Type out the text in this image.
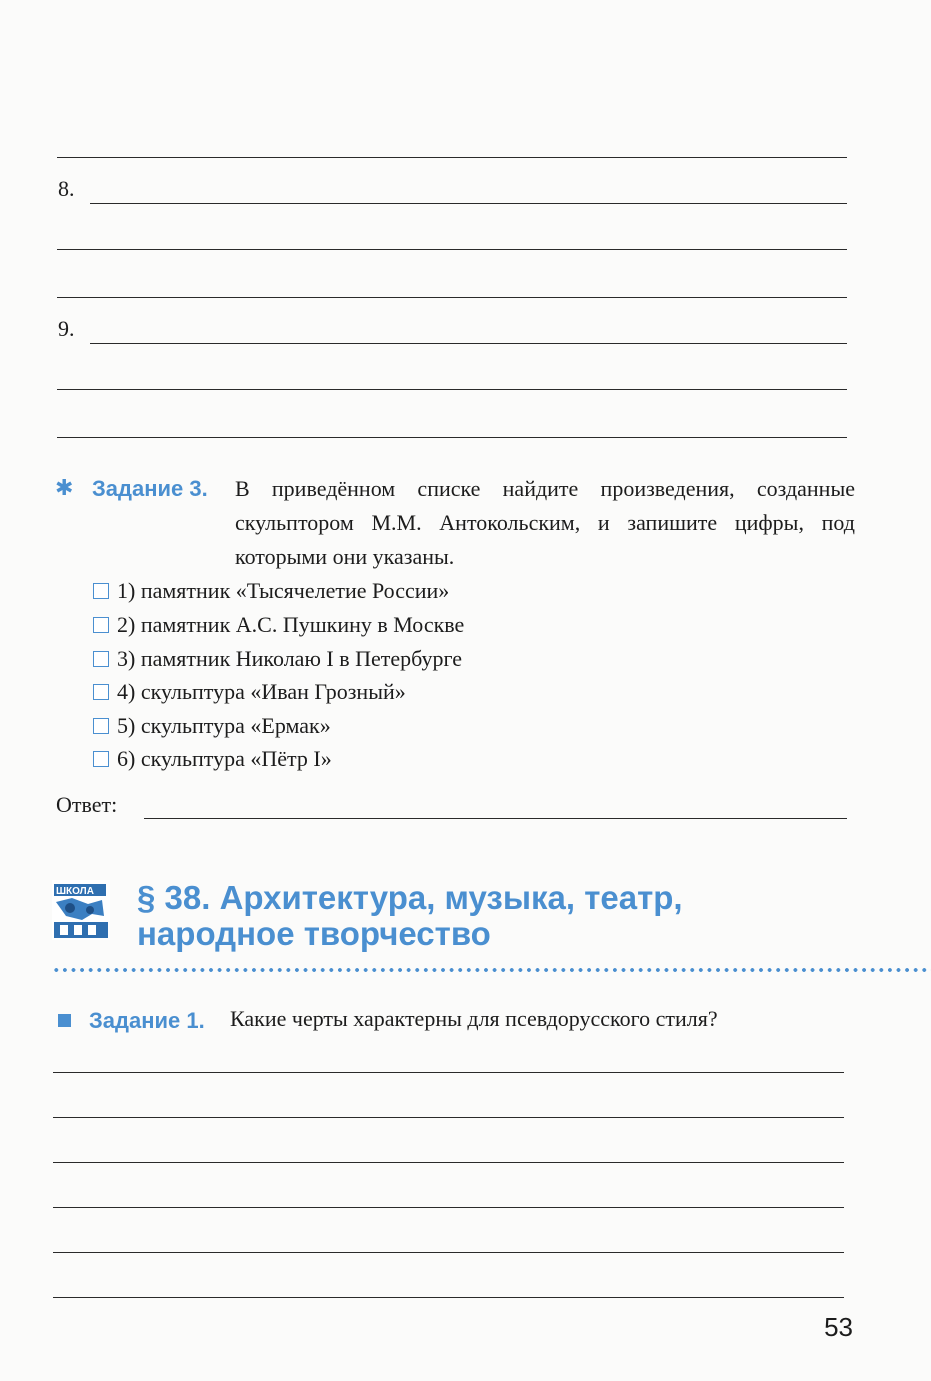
8.
9.
✱ Задание 3. В приведённом списке найдите произведения, созданные скульптором М.М. Антокольским, и запишите цифры, под которыми они указаны.
1) памятник «Тысячелетие России»
2) памятник А.С. Пушкину в Москве
3) памятник Николаю I в Петербурге
4) скульптура «Иван Грозный»
5) скульптура «Ермак»
6) скульптура «Пётр I»
Ответ:
ШКОЛА § 38. Архитектура, музыка, театр,
народное творчество
Задание 1. Какие черты характерны для псевдорусского стиля?
53
